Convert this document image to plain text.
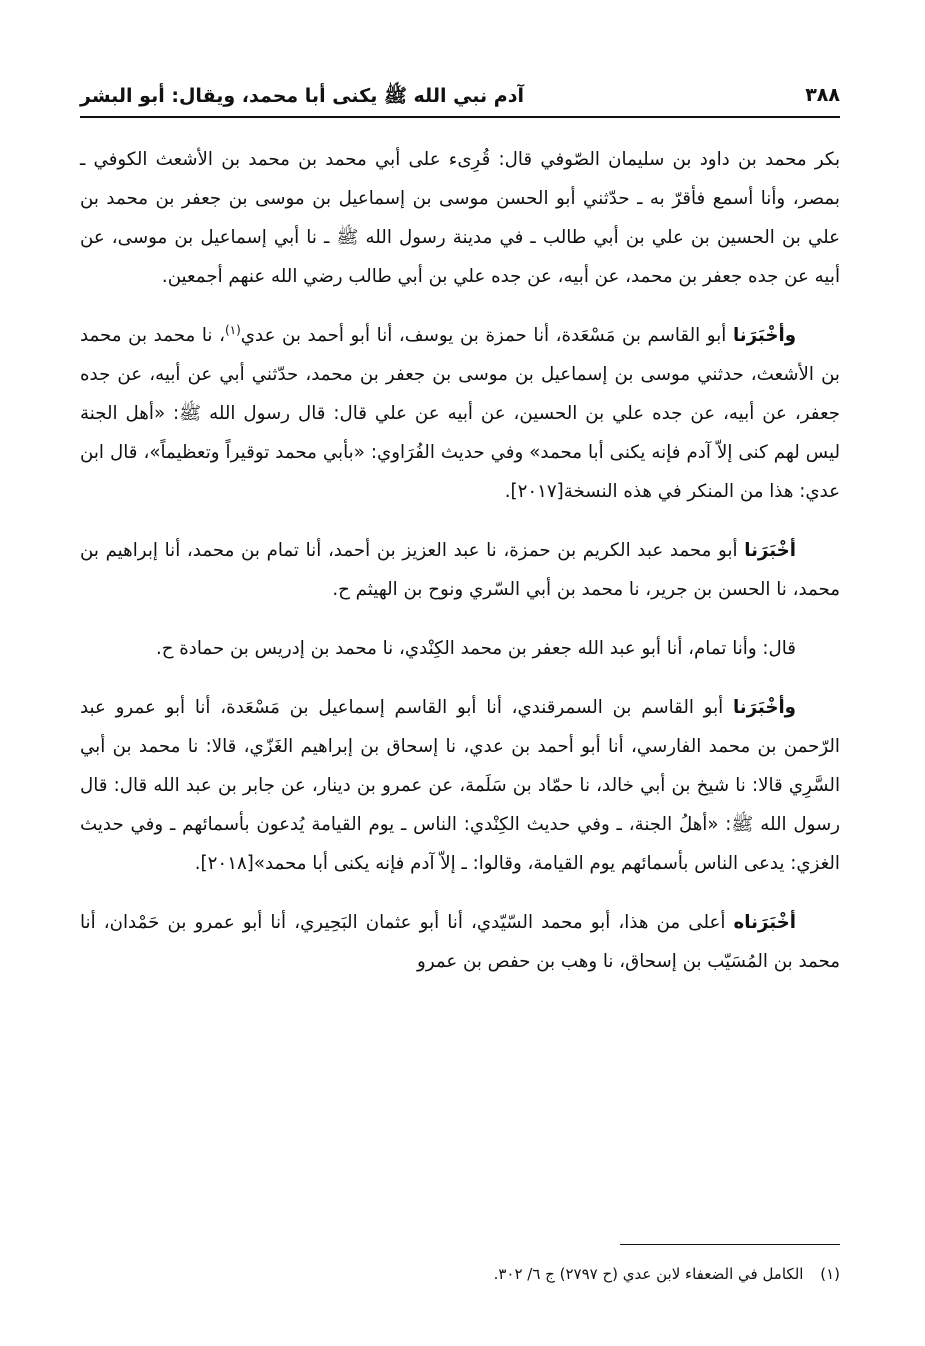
٣٨٨
آدم نبي الله ﷺ يكنى أبا محمد، ويقال: أبو البشر

بكر محمد بن داود بن سليمان الصّوفي قال: قُرِىء على أبي محمد بن محمد بن الأشعث الكوفي ـ بمصر، وأنا أسمع فأقرّ به ـ حدّثني أبو الحسن موسى بن إسماعيل بن موسى بن جعفر بن محمد بن علي بن الحسين بن علي بن أبي طالب ـ في مدينة رسول الله ﷺ ـ نا أبي إسماعيل بن موسى، عن أبيه عن جده جعفر بن محمد، عن أبيه، عن جده علي بن أبي طالب رضي الله عنهم أجمعين.

وأخْبَرَنا أبو القاسم بن مَسْعَدة، أنا حمزة بن يوسف، أنا أبو أحمد بن عدي$^{(١)}$، نا محمد بن محمد بن الأشعث، حدثني موسى بن إسماعيل بن موسى بن جعفر بن محمد، حدّثني أبي عن أبيه، عن جده جعفر، عن أبيه، عن جده علي بن الحسين، عن أبيه عن علي قال: قال رسول الله ﷺ: «أهل الجنة ليس لهم كنى إلاّ آدم فإنه يكنى أبا محمد» وفي حديث الفُرَاوي: «بأبي محمد توقيراً وتعظيماً»، قال ابن عدي: هذا من المنكر في هذه النسخة[٢٠١٧].

أخْبَرَنا أبو محمد عبد الكريم بن حمزة، نا عبد العزيز بن أحمد، أنا تمام بن محمد، أنا إبراهيم بن محمد، نا الحسن بن جرير، نا محمد بن أبي السّري ونوح بن الهيثم ح.

قال: وأنا تمام، أنا أبو عبد الله جعفر بن محمد الكِنْدي، نا محمد بن إدريس بن حمادة ح.

وأخْبَرَنا أبو القاسم بن السمرقندي، أنا أبو القاسم إسماعيل بن مَسْعَدة، أنا أبو عمرو عبد الرّحمن بن محمد الفارسي، أنا أبو أحمد بن عدي، نا إسحاق بن إبراهيم الغَزّي، قالا: نا محمد بن أبي السَّرِي قالا: نا شيخ بن أبي خالد، نا حمّاد بن سَلَمة، عن عمرو بن دينار، عن جابر بن عبد الله قال: قال رسول الله ﷺ: «أهلُ الجنة، ـ وفي حديث الكِنْدي: الناس ـ يوم القيامة يُدعون بأسمائهم ـ وفي حديث الغزي: يدعى الناس بأسمائهم يوم القيامة، وقالوا: ـ إلاّ آدم فإنه يكنى أبا محمد»[٢٠١٨].

أخْبَرَناه أعلى من هذا، أبو محمد السّيّدي، أنا أبو عثمان البَحِيري، أنا أبو عمرو بن حَمْدان، أنا محمد بن المُسَيّب بن إسحاق، نا وهب بن حفص بن عمرو

(١) الكامل في الضعفاء لابن عدي (ح ٢٧٩٧) ج ٦/ ٣٠٢.
